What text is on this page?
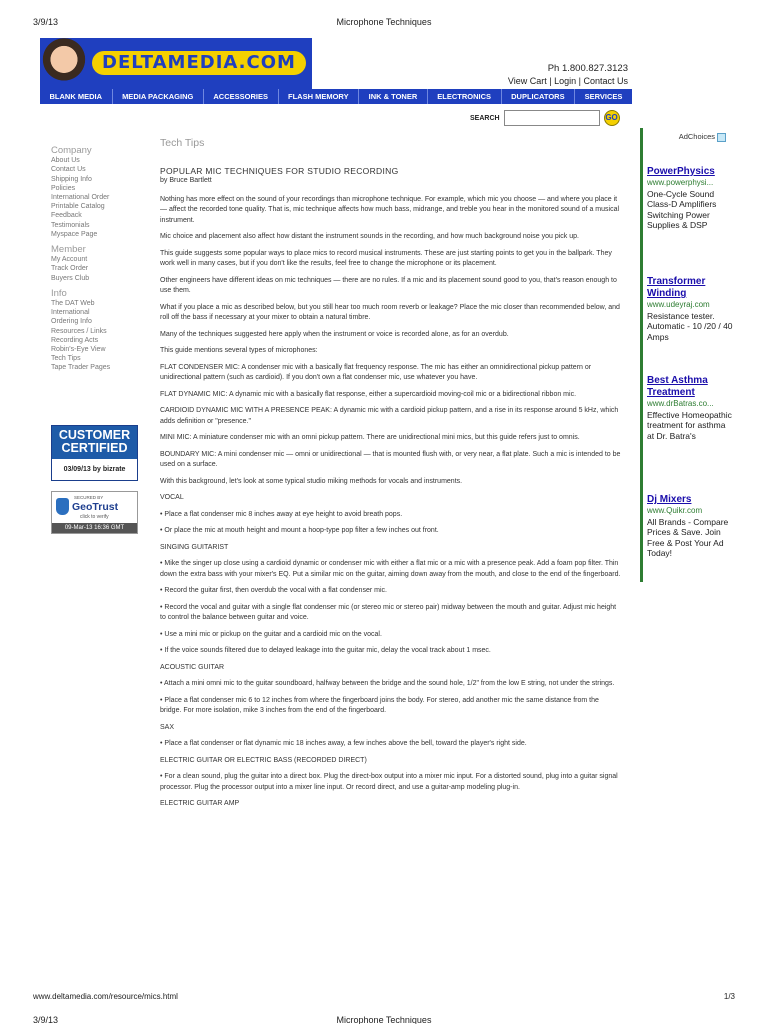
3/9/13	Microphone Techniques
DELTAMEDIA.COM	Ph 1.800.827.3123
View Cart | Login | Contact Us
BLANK MEDIA	MEDIA PACKAGING	ACCESSORIES	FLASH MEMORY	INK & TONER	ELECTRONICS	DUPLICATORS	SERVICES
SEARCH	GO
Company
About Us
Contact Us
Shipping Info
Policies
International Order
Printable Catalog
Feedback
Testimonials
Myspace Page
Member
My Account
Track Order
Buyers Club
Info
The DAT Web
International
Ordering Info
Resources / Links
Recording Acts
Robin's-Eye View
Tech Tips
Tape Trader Pages
CUSTOMER
CERTIFIED
03/09/13 by bizrate
SECURED BY
GeoTrust
click to verify
09-Mar-13 16:36 GMT
Tech Tips
POPULAR MIC TECHNIQUES FOR STUDIO RECORDING
by Bruce Bartlett

Nothing has more effect on the sound of your recordings than microphone technique. For example, which mic you choose — and where you place it — affect the recorded tone quality. That is, mic technique affects how much bass, midrange, and treble you hear in the monitored sound of a musical instrument.

Mic choice and placement also affect how distant the instrument sounds in the recording, and how much background noise you pick up.

This guide suggests some popular ways to place mics to record musical instruments. These are just starting points to get you in the ballpark. They work well in many cases, but if you don't like the results, feel free to change the microphone or its placement.

Other engineers have different ideas on mic techniques — there are no rules. If a mic and its placement sound good to you, that's reason enough to use them.

What if you place a mic as described below, but you still hear too much room reverb or leakage? Place the mic closer than recommended below, and roll off the bass if necessary at your mixer to obtain a natural timbre.

Many of the techniques suggested here apply when the instrument or voice is recorded alone, as for an overdub.

This guide mentions several types of microphones:

FLAT CONDENSER MIC: A condenser mic with a basically flat frequency response. The mic has either an omnidirectional pickup pattern or unidirectional pattern (such as cardioid). If you don't own a flat condenser mic, use whatever you have.

FLAT DYNAMIC MIC: A dynamic mic with a basically flat response, either a supercardioid moving-coil mic or a bidirectional ribbon mic.

CARDIOID DYNAMIC MIC WITH A PRESENCE PEAK: A dynamic mic with a cardioid pickup pattern, and a rise in its response around 5 kHz, which adds definition or "presence."

MINI MIC: A miniature condenser mic with an omni pickup pattern. There are unidirectional mini mics, but this guide refers just to omnis.

BOUNDARY MIC: A mini condenser mic — omni or unidirectional — that is mounted flush with, or very near, a flat plate. Such a mic is intended to be used on a surface.

With this background, let's look at some typical studio miking methods for vocals and instruments.

VOCAL

• Place a flat condenser mic 8 inches away at eye height to avoid breath pops.

• Or place the mic at mouth height and mount a hoop-type pop filter a few inches out front.

SINGING GUITARIST

• Mike the singer up close using a cardioid dynamic or condenser mic with either a flat mic or a mic with a presence peak. Add a foam pop filter. Thin down the extra bass with your mixer's EQ. Put a similar mic on the guitar, aiming down away from the mouth, and close to the end of the fingerboard.

• Record the guitar first, then overdub the vocal with a flat condenser mic.

• Record the vocal and guitar with a single flat condenser mic (or stereo mic or stereo pair) midway between the mouth and guitar. Adjust mic height to control the balance between guitar and voice.

• Use a mini mic or pickup on the guitar and a cardioid mic on the vocal.

• If the voice sounds filtered due to delayed leakage into the guitar mic, delay the vocal track about 1 msec.

ACOUSTIC GUITAR

• Attach a mini omni mic to the guitar soundboard, halfway between the bridge and the sound hole, 1/2" from the low E string, not under the strings.

• Place a flat condenser mic 6 to 12 inches from where the fingerboard joins the body. For stereo, add another mic the same distance from the bridge. For more isolation, mike 3 inches from the end of the fingerboard.

SAX

• Place a flat condenser or flat dynamic mic 18 inches away, a few inches above the bell, toward the player's right side.

ELECTRIC GUITAR OR ELECTRIC BASS (RECORDED DIRECT)

• For a clean sound, plug the guitar into a direct box. Plug the direct-box output into a mixer mic input. For a distorted sound, plug into a guitar signal processor. Plug the processor output into a mixer line input. Or record direct, and use a guitar-amp modeling plug-in.

ELECTRIC GUITAR AMP

AdChoices
PowerPhysics
www.powerphysi...
One-Cycle Sound Class-D Amplifiers Switching Power Supplies & DSP
Transformer Winding
www.udeyraj.com
Resistance tester. Automatic - 10 /20 / 40 Amps
Best Asthma Treatment
www.drBatras.co...
Effective Homeopathic treatment for asthma at Dr. Batra's
Dj Mixers
www.Quikr.com
All Brands - Compare Prices & Save. Join Free & Post Your Ad Today!
www.deltamedia.com/resource/mics.html	1/3
3/9/13	Microphone Techniques
